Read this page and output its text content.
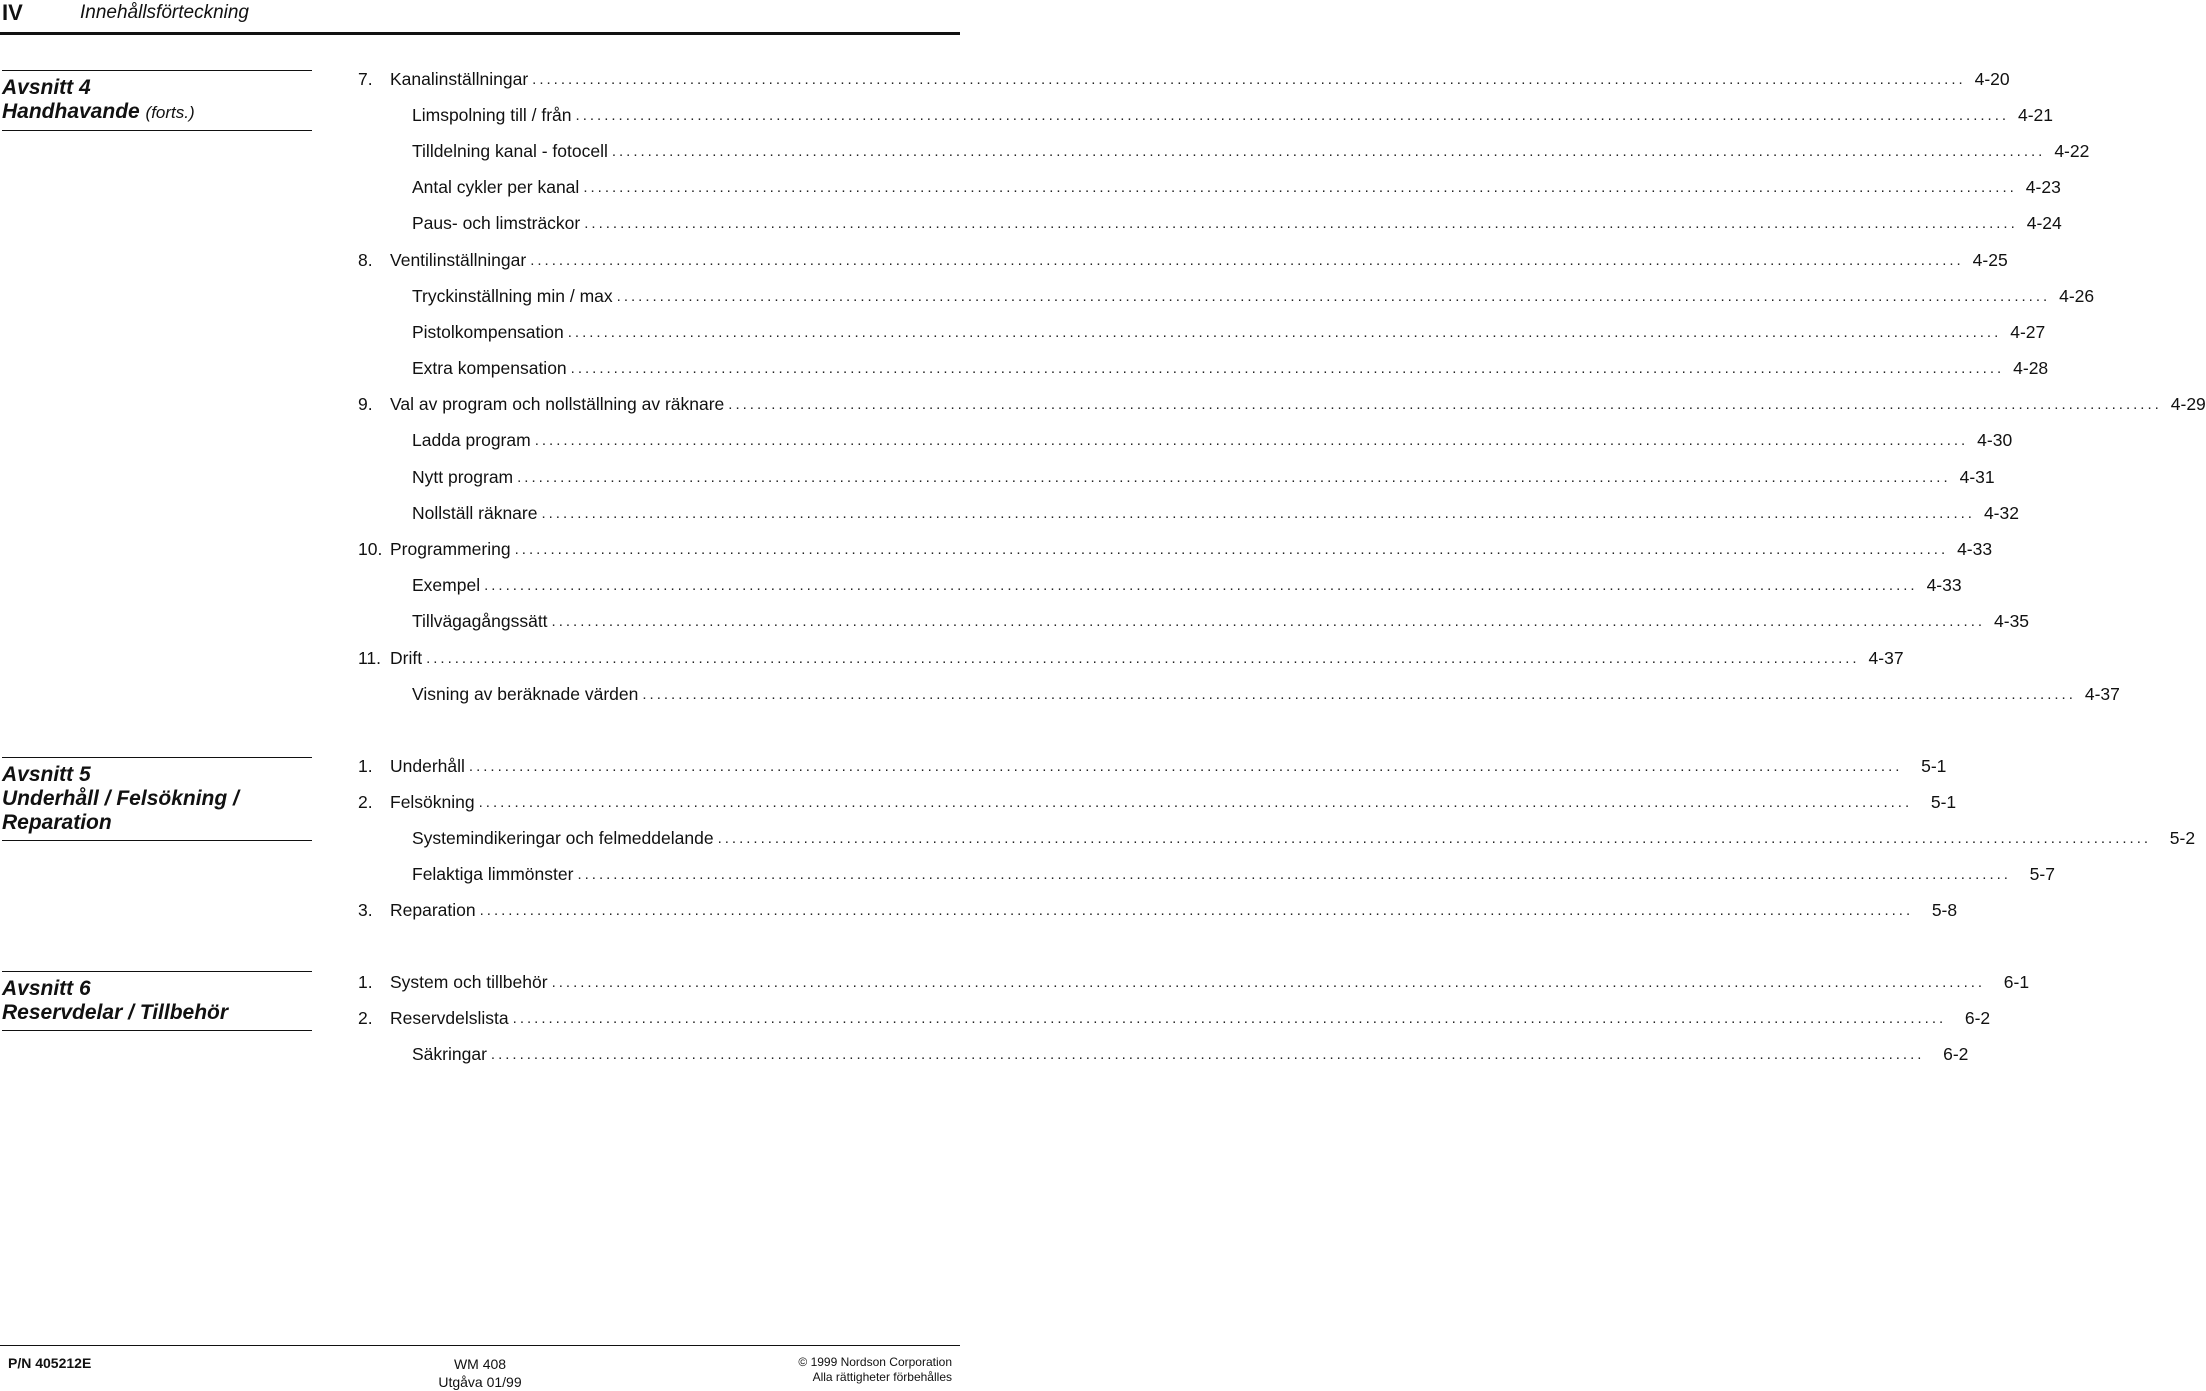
IV	Innehållsförteckning
Avsnitt 4
Handhavande (forts.)
7. Kanalinställningar ........................................................................................................................................................................................................ 4-20
Limspolning till / från ........................................................................................................................................................................................................ 4-21
Tilldelning kanal - fotocell ........................................................................................................................................................................................................ 4-22
Antal cykler per kanal ........................................................................................................................................................................................................ 4-23
Paus- och limsträckor ........................................................................................................................................................................................................ 4-24
8. Ventilinställningar ........................................................................................................................................................................................................ 4-25
Tryckinställning min / max ........................................................................................................................................................................................................ 4-26
Pistolkompensation ........................................................................................................................................................................................................ 4-27
Extra kompensation ........................................................................................................................................................................................................ 4-28
9. Val av program och nollställning av räknare ........................................................................................................................................................................................................ 4-29
Ladda program ........................................................................................................................................................................................................ 4-30
Nytt program ........................................................................................................................................................................................................ 4-31
Nollställ räknare ........................................................................................................................................................................................................ 4-32
10. Programmering ........................................................................................................................................................................................................ 4-33
Exempel ........................................................................................................................................................................................................ 4-33
Tillvägagångssätt ........................................................................................................................................................................................................ 4-35
11. Drift ........................................................................................................................................................................................................ 4-37
Visning av beräknade värden ........................................................................................................................................................................................................ 4-37
Avsnitt 5
Underhåll / Felsökning /
Reparation
1. Underhåll ........................................................................................................................................................................................................	5-1
2. Felsökning ........................................................................................................................................................................................................	5-1
Systemindikeringar och felmeddelande ........................................................................................................................................................................................................	5-2
Felaktiga limmönster ........................................................................................................................................................................................................	5-7
3. Reparation ........................................................................................................................................................................................................	5-8
Avsnitt 6
Reservdelar / Tillbehör
1. System och tillbehör ........................................................................................................................................................................................................	6-1
2. Reservdelslista ........................................................................................................................................................................................................	6-2
Säkringar ........................................................................................................................................................................................................	6-2
P/N 405212E	WM 408
Utgåva 01/99
© 1999 Nordson Corporation
Alla rättigheter förbehålles
